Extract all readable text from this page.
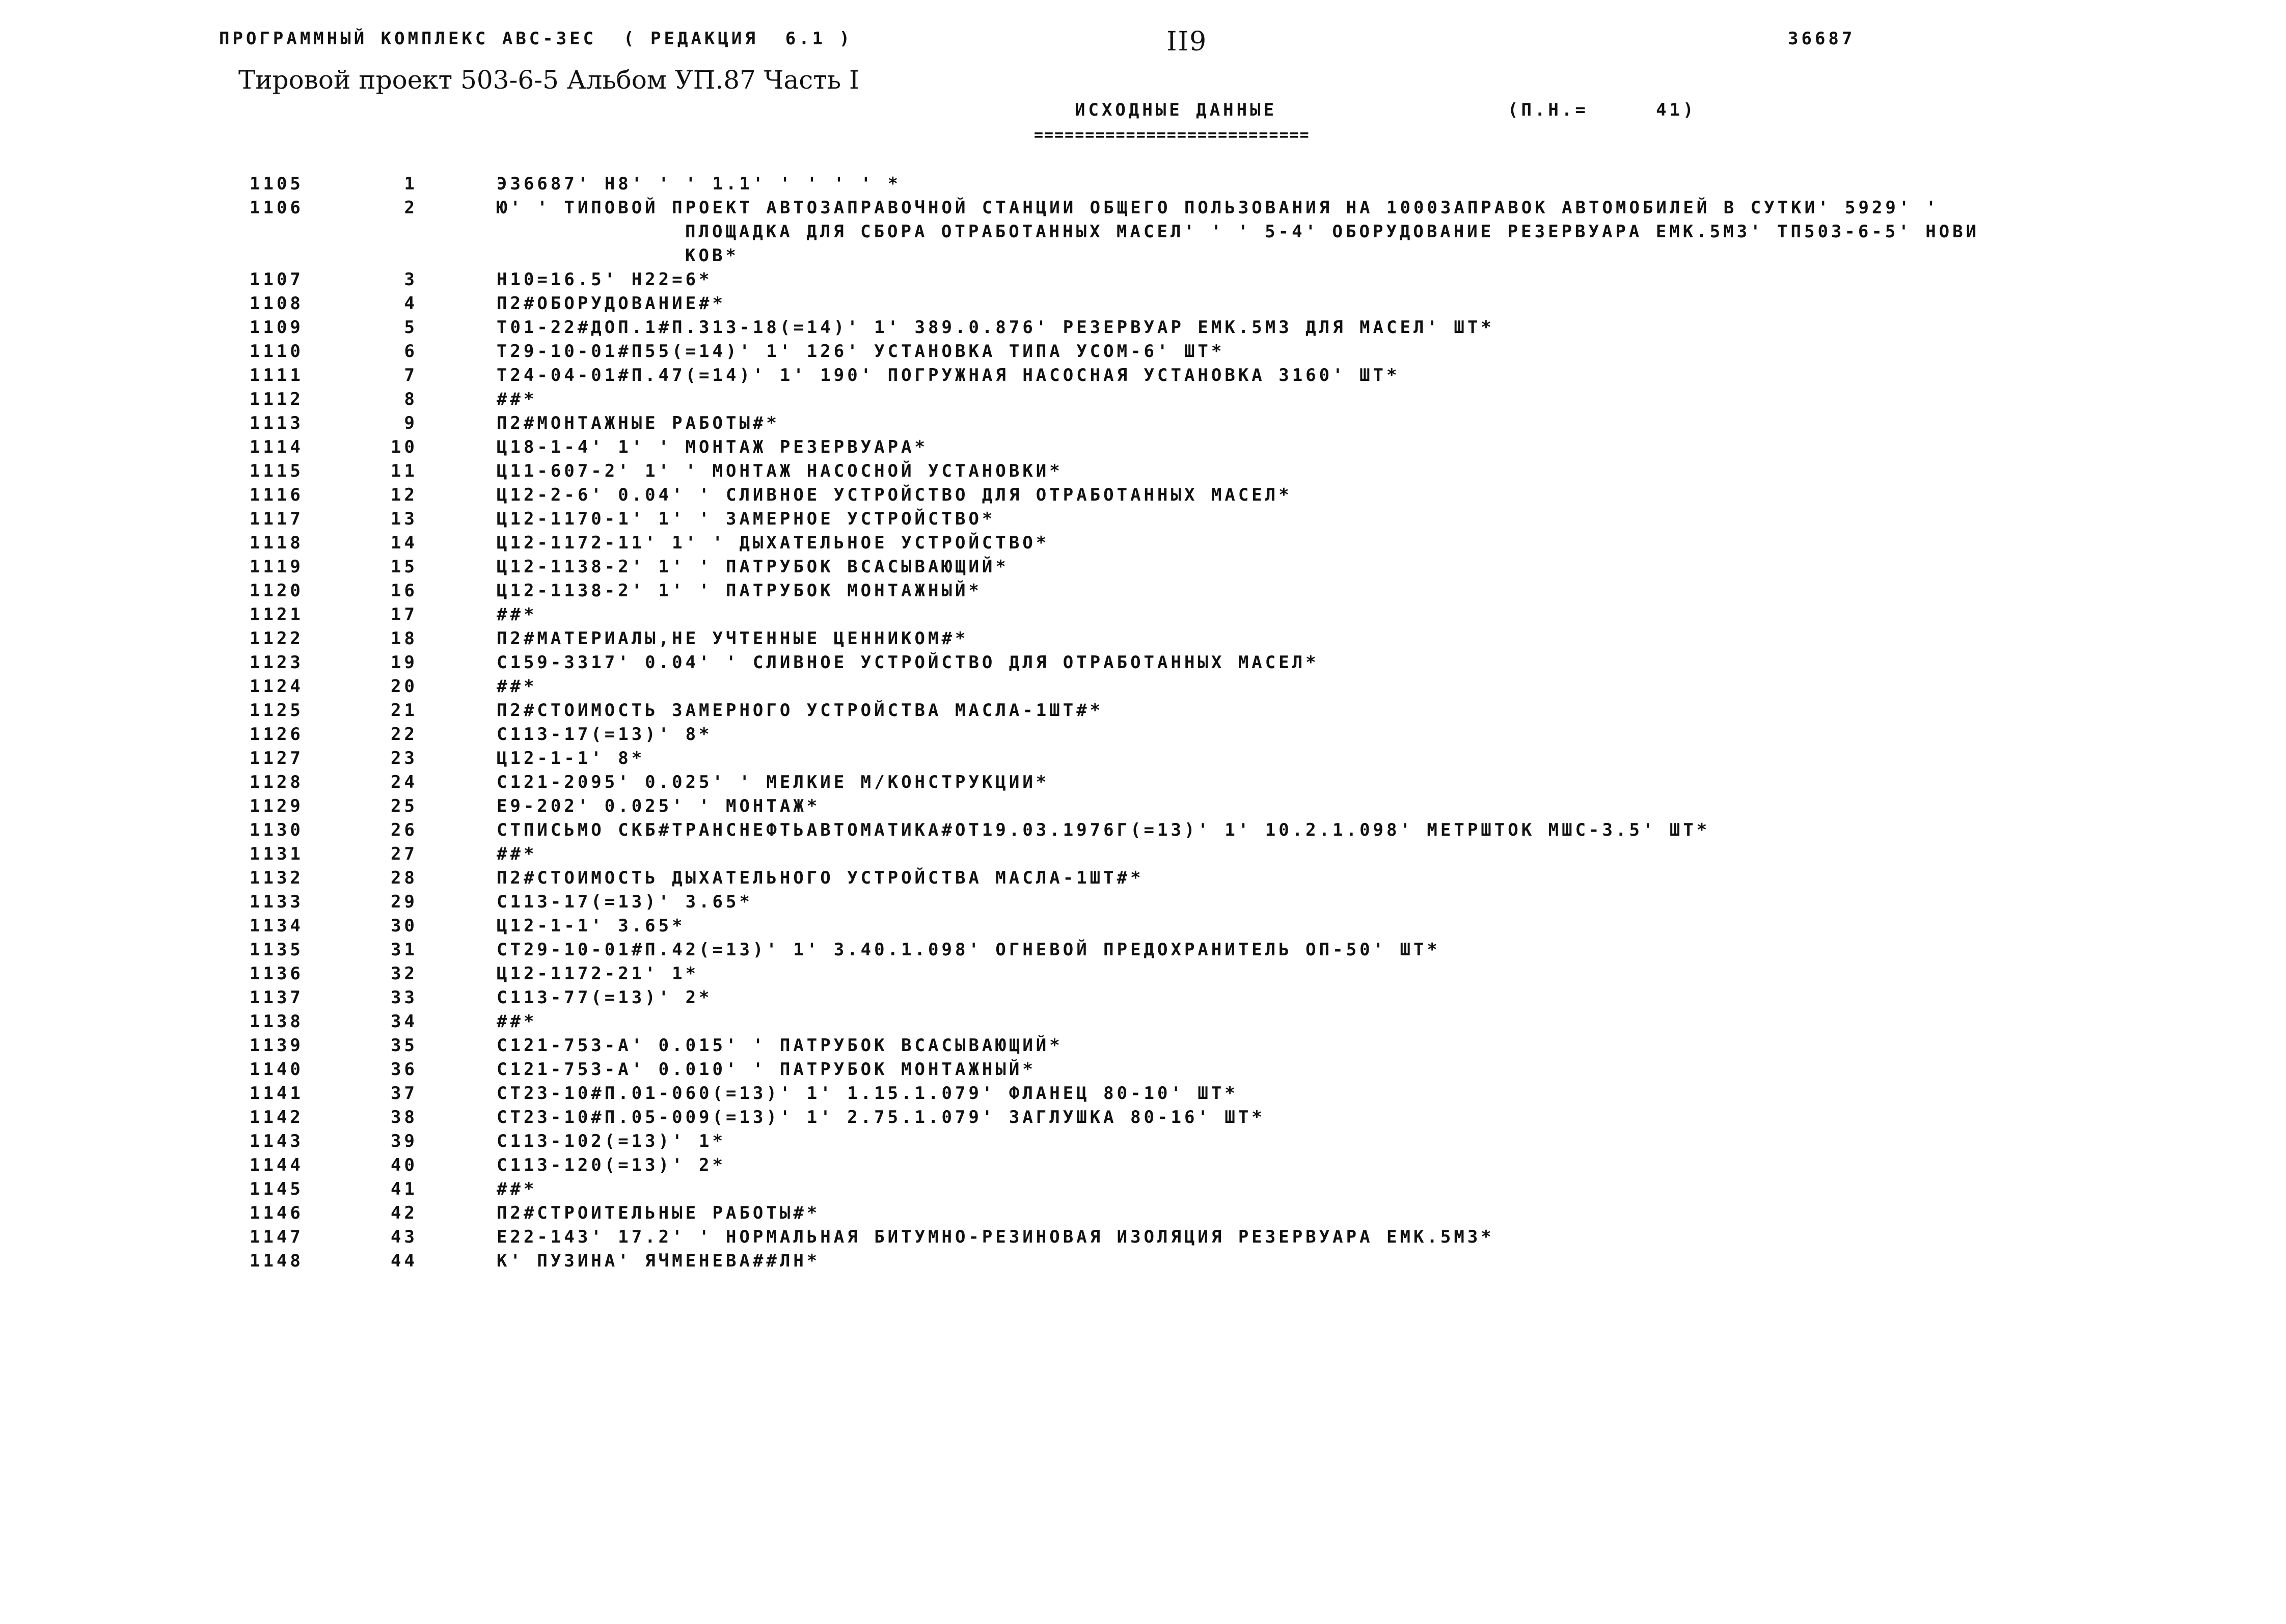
ПРОГРАММНЫЙ КОМПЛЕКС АВС-ЗЕС  ( РЕДАКЦИЯ  6.1 )	II9	36687
Тировой проект 503-6-5 Альбом УП.87 Часть I
ИСХОДНЫЕ ДАННЫЕ	(П.Н.=     41)
===========================
1105	1	Э36687' Н8' ' ' 1.1' ' ' ' ' *
1106	2	Ю' ' ТИПОВОЙ ПРОЕКТ АВТОЗАПРАВОЧНОЙ СТАНЦИИ ОБЩЕГО ПОЛЬЗОВАНИЯ НА 1000ЗАПРАВОК АВТОМОБИЛЕЙ В СУТКИ' 5929' '
ПЛОЩАДКА ДЛЯ СБОРА ОТРАБОТАННЫХ МАСЕЛ' ' ' 5-4' ОБОРУДОВАНИЕ РЕЗЕРВУАРА ЕМК.5М3' ТП503-6-5' НОВИ
КОВ*
1107	3	Н10=16.5' Н22=6*
1108	4	П2#ОБОРУДОВАНИЕ#*
1109	5	Т01-22#ДОП.1#П.313-18(=14)' 1' 389.0.876' РЕЗЕРВУАР ЕМК.5М3 ДЛЯ МАСЕЛ' ШТ*
1110	6	Т29-10-01#П55(=14)' 1' 126' УСТАНОВКА ТИПА УСОМ-6' ШТ*
1111	7	Т24-04-01#П.47(=14)' 1' 190' ПОГРУЖНАЯ НАСОСНАЯ УСТАНОВКА 3160' ШТ*
1112	8	##*
1113	9	П2#МОНТАЖНЫЕ РАБОТЫ#*
1114	10	Ц18-1-4' 1' ' МОНТАЖ РЕЗЕРВУАРА*
1115	11	Ц11-607-2' 1' ' МОНТАЖ НАСОСНОЙ УСТАНОВКИ*
1116	12	Ц12-2-6' 0.04' ' СЛИВНОЕ УСТРОЙСТВО ДЛЯ ОТРАБОТАННЫХ МАСЕЛ*
1117	13	Ц12-1170-1' 1' ' ЗАМЕРНОЕ УСТРОЙСТВО*
1118	14	Ц12-1172-11' 1' ' ДЫХАТЕЛЬНОЕ УСТРОЙСТВО*
1119	15	Ц12-1138-2' 1' ' ПАТРУБОК ВСАСЫВАЮЩИЙ*
1120	16	Ц12-1138-2' 1' ' ПАТРУБОК МОНТАЖНЫЙ*
1121	17	##*
1122	18	П2#МАТЕРИАЛЫ,НЕ УЧТЕННЫЕ ЦЕННИКОМ#*
1123	19	С159-3317' 0.04' ' СЛИВНОЕ УСТРОЙСТВО ДЛЯ ОТРАБОТАННЫХ МАСЕЛ*
1124	20	##*
1125	21	П2#СТОИМОСТЬ ЗАМЕРНОГО УСТРОЙСТВА МАСЛА-1ШТ#*
1126	22	С113-17(=13)' 8*
1127	23	Ц12-1-1' 8*
1128	24	С121-2095' 0.025' ' МЕЛКИЕ М/КОНСТРУКЦИИ*
1129	25	Е9-202' 0.025' ' МОНТАЖ*
1130	26	СТПИСЬМО СКБ#ТРАНСНЕФТЬАВТОМАТИКА#ОТ19.03.1976Г(=13)' 1' 10.2.1.098' МЕТРШТОК МШС-3.5' ШТ*
1131	27	##*
1132	28	П2#СТОИМОСТЬ ДЫХАТЕЛЬНОГО УСТРОЙСТВА МАСЛА-1ШТ#*
1133	29	С113-17(=13)' 3.65*
1134	30	Ц12-1-1' 3.65*
1135	31	СТ29-10-01#П.42(=13)' 1' 3.40.1.098' ОГНЕВОЙ ПРЕДОХРАНИТЕЛЬ ОП-50' ШТ*
1136	32	Ц12-1172-21' 1*
1137	33	С113-77(=13)' 2*
1138	34	##*
1139	35	С121-753-А' 0.015' ' ПАТРУБОК ВСАСЫВАЮЩИЙ*
1140	36	С121-753-А' 0.010' ' ПАТРУБОК МОНТАЖНЫЙ*
1141	37	СТ23-10#П.01-060(=13)' 1' 1.15.1.079' ФЛАНЕЦ 80-10' ШТ*
1142	38	СТ23-10#П.05-009(=13)' 1' 2.75.1.079' ЗАГЛУШКА 80-16' ШТ*
1143	39	С113-102(=13)' 1*
1144	40	С113-120(=13)' 2*
1145	41	##*
1146	42	П2#СТРОИТЕЛЬНЫЕ РАБОТЫ#*
1147	43	Е22-143' 17.2' ' НОРМАЛЬНАЯ БИТУМНО-РЕЗИНОВАЯ ИЗОЛЯЦИЯ РЕЗЕРВУАРА ЕМК.5М3*
1148	44	К' ПУЗИНА' ЯЧМЕНЕВА##ЛН*
